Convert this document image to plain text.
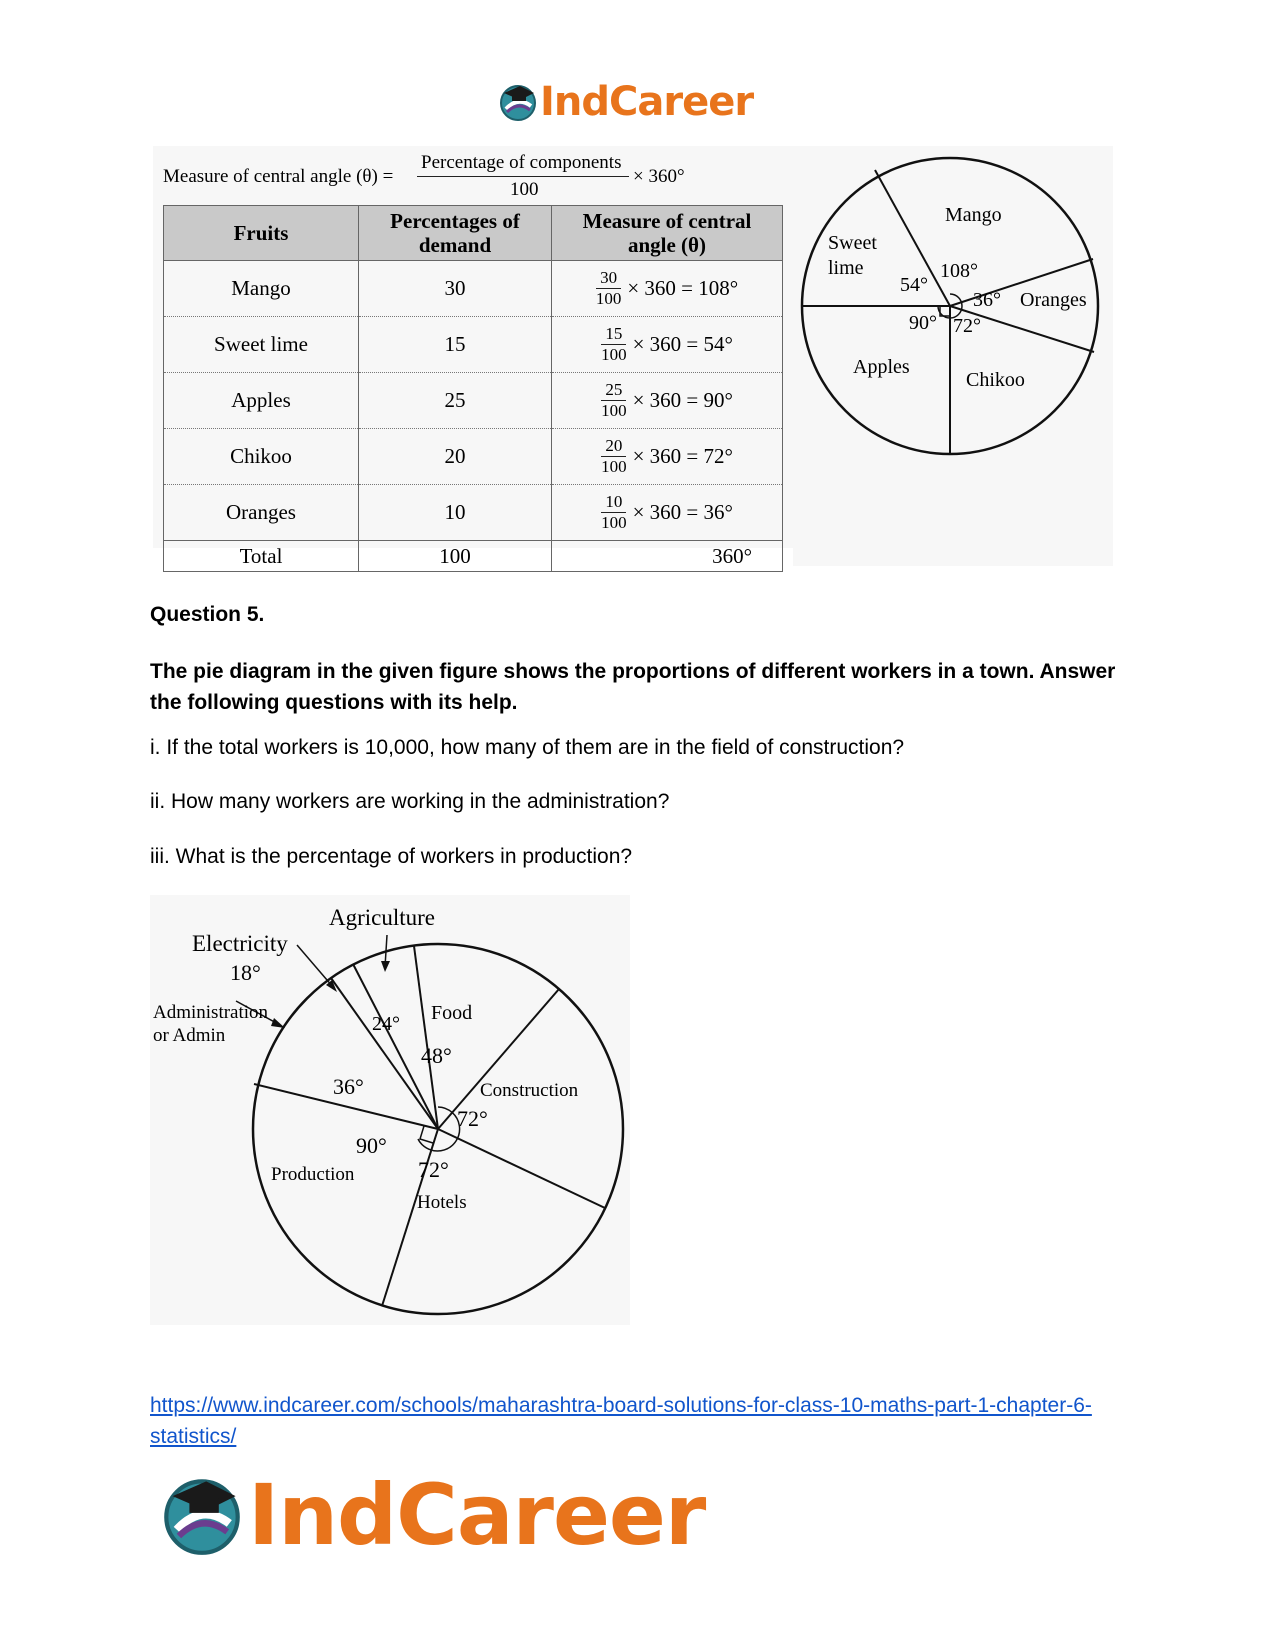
IndCareer
Measure of central angle (θ) =
Percentage of components
100
× 360°
Fruits	Percentages of demand	Measure of central angle (θ)
Mango	30	$\frac{30}{100} \times 360 = 108^\circ$
Sweet lime	15	$\frac{15}{100} \times 360 = 54^\circ$
Apples	25	$\frac{25}{100} \times 360 = 90^\circ$
Chikoo	20	$\frac{20}{100} \times 360 = 72^\circ$
Oranges	10	$\frac{10}{100} \times 360 = 36^\circ$
Total	100	360°
Mango
Sweet
lime
Oranges
Apples
Chikoo
108°
54°
36°
90° 72°
Question 5.
The pie diagram in the given figure shows the proportions of different workers in a town. Answer the following questions with its help.
i. If the total workers is 10,000, how many of them are in the field of construction?
ii. How many workers are working in the administration?
iii. What is the percentage of workers in production?
Agriculture
Electricity
18°
Administration
or Admin
24° Food
48°
36°	Construction
72°
90°
Production	72°
Hotels
https://www.indcareer.com/schools/maharashtra-board-solutions-for-class-10-maths-part-1-chapter-6-statistics/
IndCareer
